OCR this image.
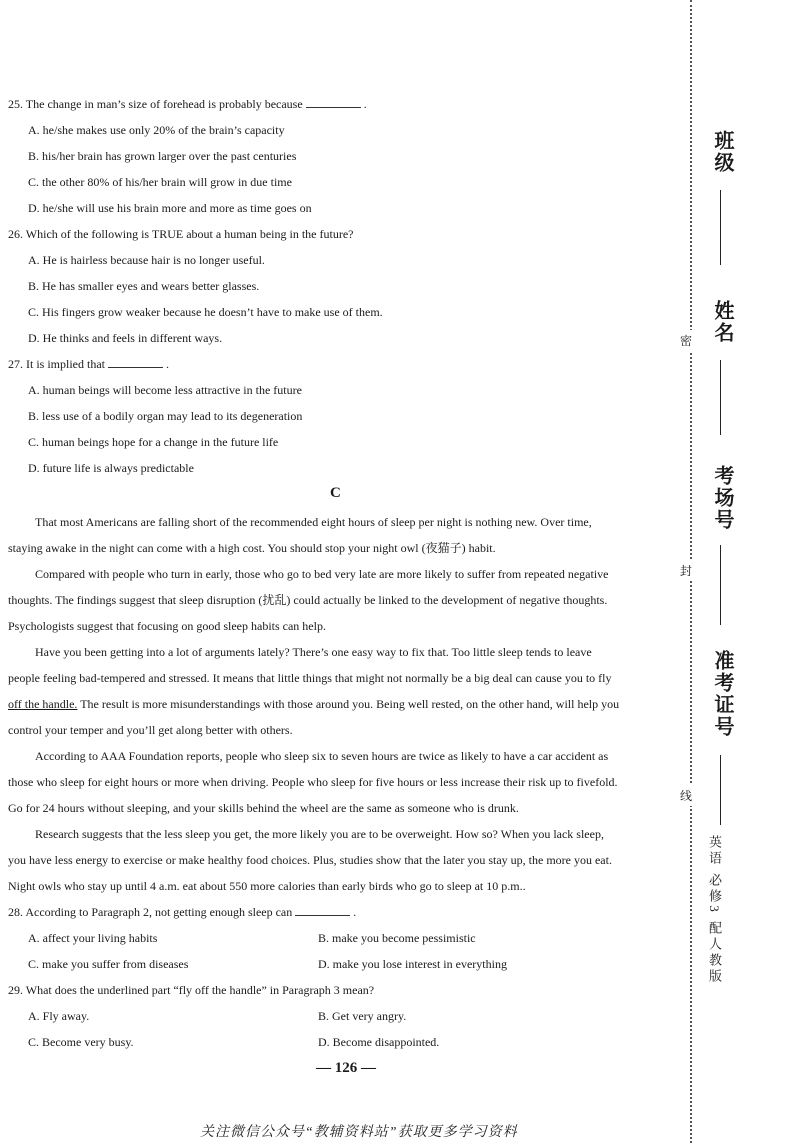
25. The change in man’s size of forehead is probably because	.
A. he/she makes use only 20% of the brain’s capacity
B. his/her brain has grown larger over the past centuries
C. the other 80% of his/her brain will grow in due time
D. he/she will use his brain more and more as time goes on
26. Which of the following is TRUE about a human being in the future?
A. He is hairless because hair is no longer useful.
B. He has smaller eyes and wears better glasses.
C. His fingers grow weaker because he doesn’t have to make use of them.
D. He thinks and feels in different ways.
27. It is implied that	.
A. human beings will become less attractive in the future
B. less use of a bodily organ may lead to its degeneration
C. human beings hope for a change in the future life
D. future life is always predictable
C
That most Americans are falling short of the recommended eight hours of sleep per night is nothing new. Over time,
staying awake in the night can come with a high cost. You should stop your night owl (夜猫子) habit.
Compared with people who turn in early, those who go to bed very late are more likely to suffer from repeated negative
thoughts. The findings suggest that sleep disruption (扰乱) could actually be linked to the development of negative thoughts.
Psychologists suggest that focusing on good sleep habits can help.
Have you been getting into a lot of arguments lately? There’s one easy way to fix that. Too little sleep tends to leave
people feeling bad-tempered and stressed. It means that little things that might not normally be a big deal can cause you to fly
off the handle. The result is more misunderstandings with those around you. Being well rested, on the other hand, will help you
control your temper and you’ll get along better with others.
According to AAA Foundation reports, people who sleep six to seven hours are twice as likely to have a car accident as
those who sleep for eight hours or more when driving. People who sleep for five hours or less increase their risk up to fivefold.
Go for 24 hours without sleeping, and your skills behind the wheel are the same as someone who is drunk.
Research suggests that the less sleep you get, the more likely you are to be overweight. How so? When you lack sleep,
you have less energy to exercise or make healthy food choices. Plus, studies show that the later you stay up, the more you eat.
Night owls who stay up until 4 a.m. eat about 550 more calories than early birds who go to sleep at 10 p.m..
28. According to Paragraph 2, not getting enough sleep can	.
A. affect your living habits	B. make you become pessimistic
C. make you suffer from diseases	D. make you lose interest in everything
29. What does the underlined part “fly off the handle” in Paragraph 3 mean?
A. Fly away.	B. Get very angry.
C. Become very busy.	D. Become disappointed.
— 126 —
关注微信公众号“教辅资料站”获取更多学习资料
班级
姓名
考场号
准考证号
密
封
线
英语 必修3 配人教版
